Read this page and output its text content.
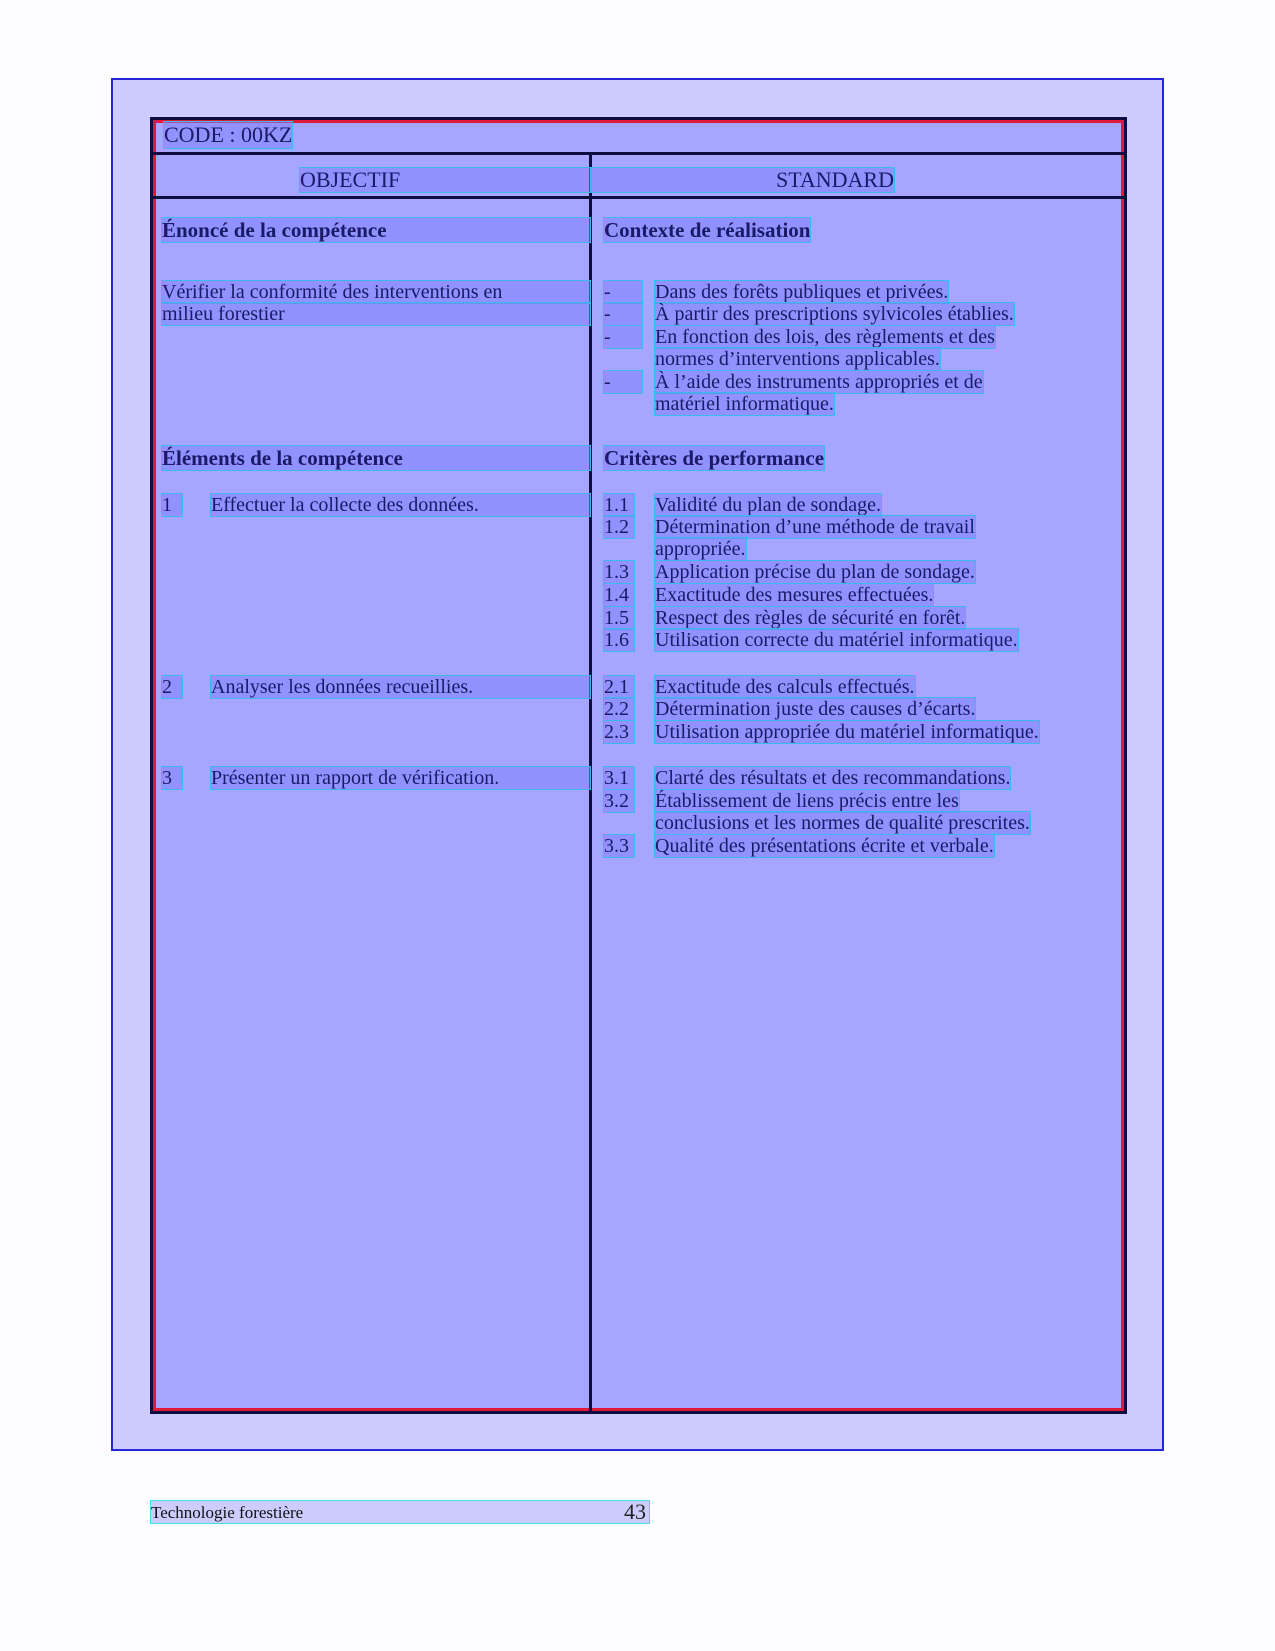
CODE : 00KZ
OBJECTIF	STANDARD
Énoncé de la compétence	Contexte de réalisation
Vérifier la conformité des interventions en
milieu forestier
-	Dans des forêts publiques et privées.
-	À partir des prescriptions sylvicoles établies.
-	En fonction des lois, des règlements et des
normes d’interventions applicables.
-	À l’aide des instruments appropriés et de
matériel informatique.
Éléments de la compétence	Critères de performance
1	Effectuer la collecte des données.	1.1 Validité du plan de sondage.
1.2 Détermination d’une méthode de travail
appropriée.
1.3 Application précise du plan de sondage.
1.4 Exactitude des mesures effectuées.
1.5 Respect des règles de sécurité en forêt.
1.6 Utilisation correcte du matériel informatique.
2	Analyser les données recueillies.	2.1 Exactitude des calculs effectués.
2.2 Détermination juste des causes d’écarts.
2.3 Utilisation appropriée du matériel informatique.
3	Présenter un rapport de vérification.	3.1 Clarté des résultats et des recommandations.
3.2 Établissement de liens précis entre les
conclusions et les normes de qualité prescrites.
3.3 Qualité des présentations écrite et verbale.
Technologie forestière	43
